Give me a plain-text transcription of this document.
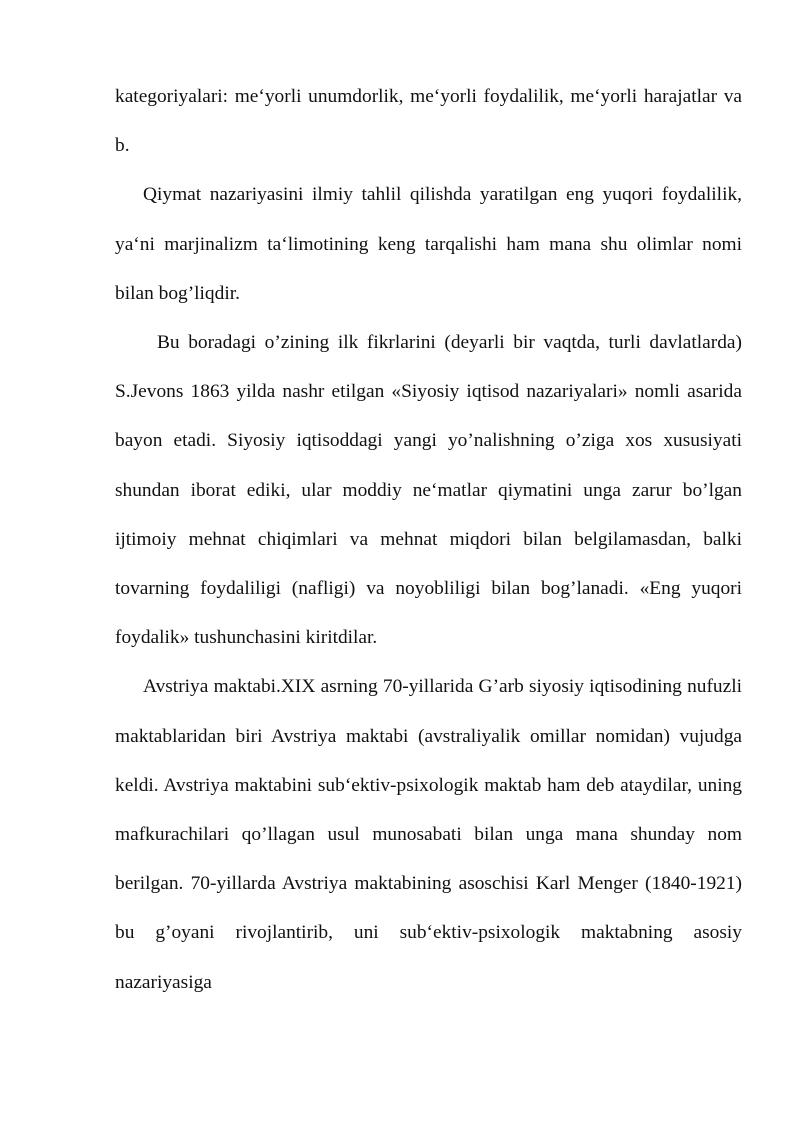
kategoriyalari: me‘yorli unumdorlik, me‘yorli foydalilik, me‘yorli harajatlar va b.

Qiymat nazariyasini ilmiy tahlil qilishda yaratilgan eng yuqori foydalilik, ya‘ni marjinalizm ta‘limotining keng tarqalishi ham mana shu olimlar nomi bilan bog’liqdir.

Bu boradagi o’zining ilk fikrlarini (deyarli bir vaqtda, turli davlatlarda) S.Jevons 1863 yilda nashr etilgan «Siyosiy iqtisod nazariyalari» nomli asarida bayon etadi. Siyosiy iqtisoddagi yangi yo’nalishning o’ziga xos xususiyati shundan iborat ediki, ular moddiy ne‘matlar qiymatini unga zarur bo’lgan ijtimoiy mehnat chiqimlari va mehnat miqdori bilan belgilamasdan, balki tovarning foydaliligi (nafligi) va noyobliligi bilan bog’lanadi. «Eng yuqori foydalik» tushunchasini kiritdilar.

Avstriya maktabi.XIX asrning 70-yillarida G’arb siyosiy iqtisodining nufuzli maktablaridan biri Avstriya maktabi (avstraliyalik omillar nomidan) vujudga keldi. Avstriya maktabini sub‘ektiv-psixologik maktab ham deb ataydilar, uning mafkurachilari qo’llagan usul munosabati bilan unga mana shunday nom berilgan. 70-yillarda Avstriya maktabining asoschisi Karl Menger (1840-1921) bu g’oyani rivojlantirib, uni sub‘ektiv-psixologik maktabning asosiy nazariyasiga
